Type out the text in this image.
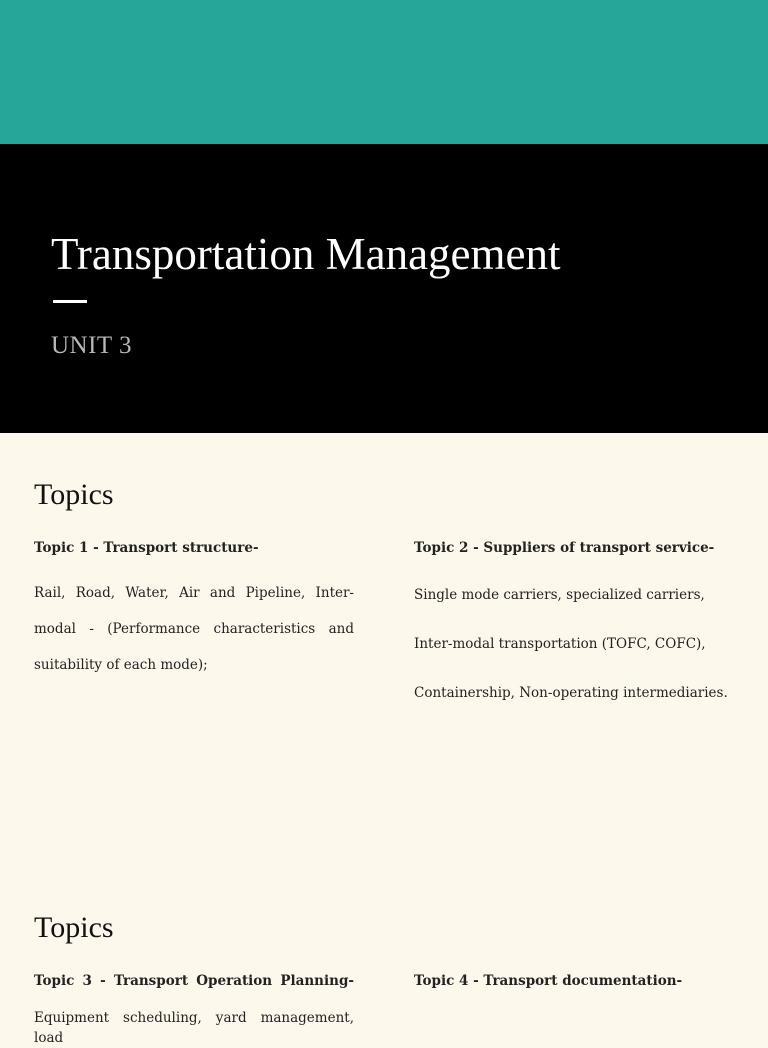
Transportation Management
UNIT 3
Topics
Topic 1 - Transport structure-

Rail, Road, Water, Air and Pipeline, Inter-modal - (Performance characteristics and suitability of each mode);

Topic 2 - Suppliers of transport service-
Single mode carriers, specialized carriers,
Inter-modal transportation (TOFC, COFC),
Containership, Non-operating intermediaries.
Topics
Topic 3 - Transport Operation Planning-
Equipment scheduling, yard management, load
Topic 4 - Transport documentation-
